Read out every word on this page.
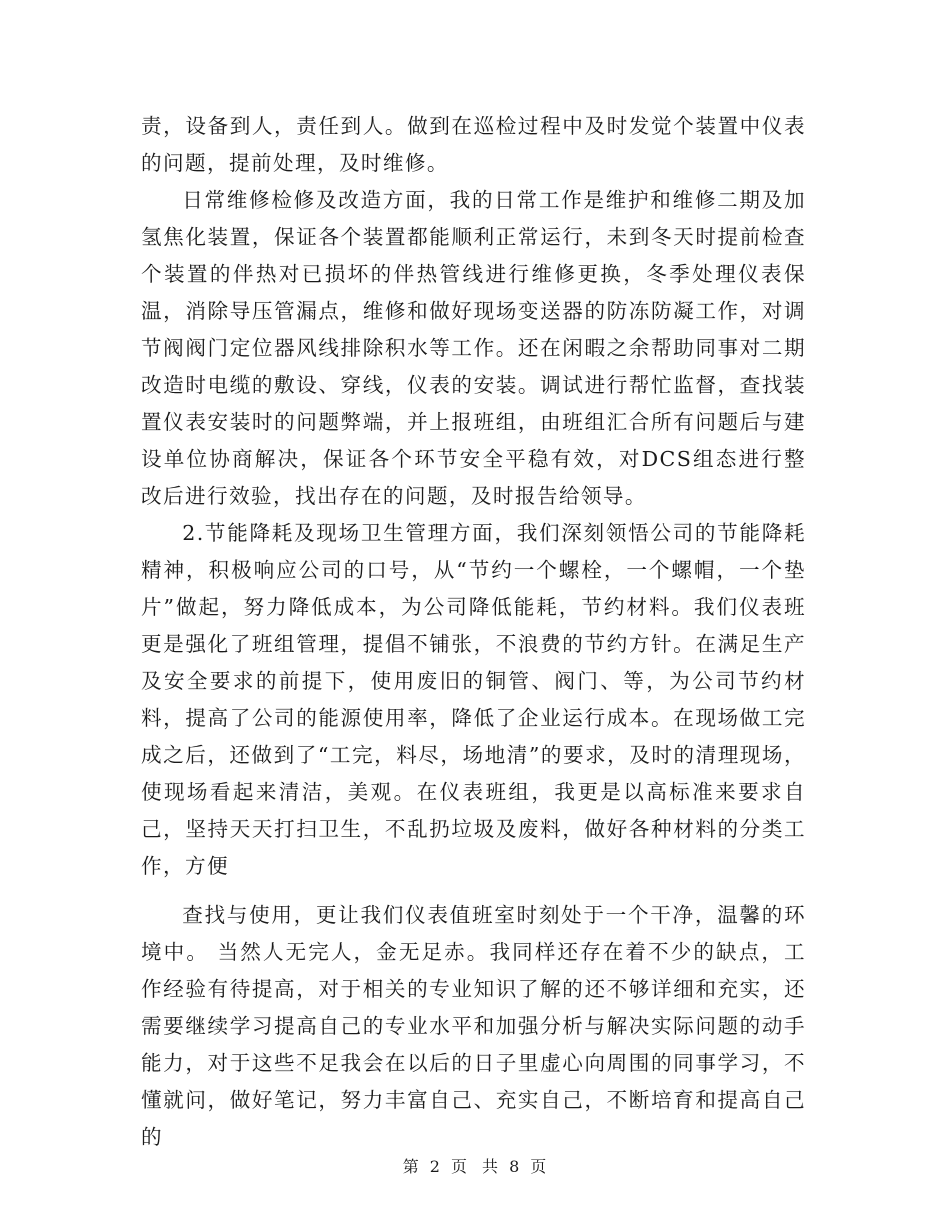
责，设备到人，责任到人。做到在巡检过程中及时发觉个装置中仪表的问题，提前处理，及时维修。

日常维修检修及改造方面，我的日常工作是维护和维修二期及加氢焦化装置，保证各个装置都能顺利正常运行，未到冬天时提前检查个装置的伴热对已损坏的伴热管线进行维修更换，冬季处理仪表保温，消除导压管漏点，维修和做好现场变送器的防冻防凝工作，对调节阀阀门定位器风线排除积水等工作。还在闲暇之余帮助同事对二期改造时电缆的敷设、穿线，仪表的安装。调试进行帮忙监督，查找装置仪表安装时的问题弊端，并上报班组，由班组汇合所有问题后与建设单位协商解决，保证各个环节安全平稳有效，对DCS组态进行整改后进行效验，找出存在的问题，及时报告给领导。

2.节能降耗及现场卫生管理方面，我们深刻领悟公司的节能降耗精神，积极响应公司的口号，从“节约一个螺栓，一个螺帽，一个垫片”做起，努力降低成本，为公司降低能耗，节约材料。我们仪表班更是强化了班组管理，提倡不铺张，不浪费的节约方针。在满足生产及安全要求的前提下，使用废旧的铜管、阀门、等，为公司节约材料，提高了公司的能源使用率，降低了企业运行成本。在现场做工完成之后，还做到了“工完，料尽，场地清”的要求，及时的清理现场，使现场看起来清洁，美观。在仪表班组，我更是以高标准来要求自己，坚持天天打扫卫生，不乱扔垃圾及废料，做好各种材料的分类工作，方便

查找与使用，更让我们仪表值班室时刻处于一个干净，温馨的环境中。 当然人无完人，金无足赤。我同样还存在着不少的缺点，工作经验有待提高，对于相关的专业知识了解的还不够详细和充实，还需要继续学习提高自己的专业水平和加强分析与解决实际问题的动手能力，对于这些不足我会在以后的日子里虚心向周围的同事学习，不懂就问，做好笔记，努力丰富自己、充实自己，不断培育和提高自己的

第 2 页 共 8 页
